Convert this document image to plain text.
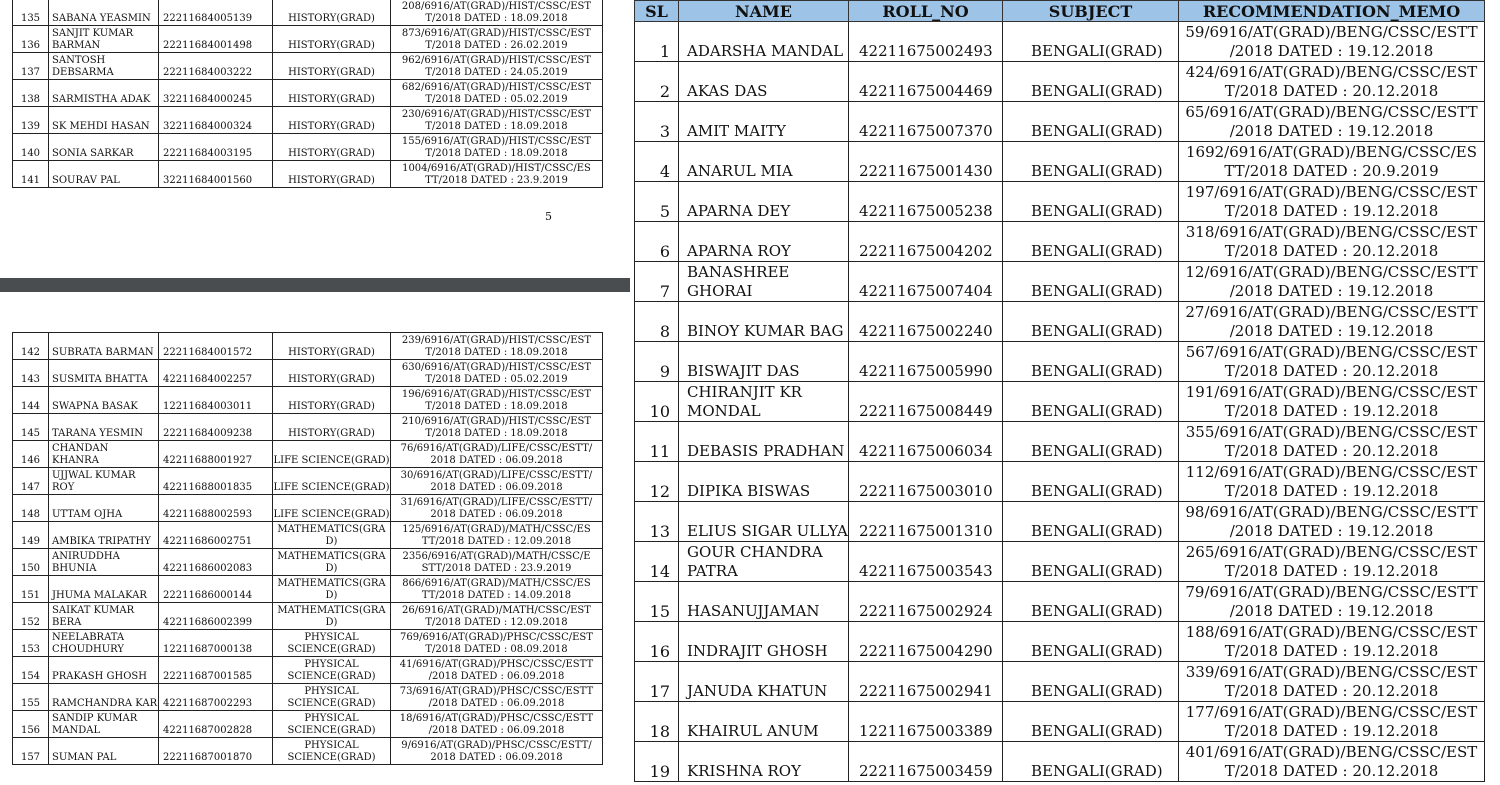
135	SABANA YEASMIN	22211684005139	HISTORY(GRAD)	208/6916/AT(GRAD)/HIST/CSSC/EST T/2018 DATED : 18.09.2018
136	SANJIT KUMAR BARMAN	22211684001498	HISTORY(GRAD)	873/6916/AT(GRAD)/HIST/CSSC/EST T/2018 DATED : 26.02.2019
137	SANTOSH DEBSARMA	22211684003222	HISTORY(GRAD)	962/6916/AT(GRAD)/HIST/CSSC/EST T/2018 DATED : 24.05.2019
138	SARMISTHA ADAK	32211684000245	HISTORY(GRAD)	682/6916/AT(GRAD)/HIST/CSSC/EST T/2018 DATED : 05.02.2019
139	SK MEHDI HASAN	32211684000324	HISTORY(GRAD)	230/6916/AT(GRAD)/HIST/CSSC/EST T/2018 DATED : 18.09.2018
140	SONIA SARKAR	22211684003195	HISTORY(GRAD)	155/6916/AT(GRAD)/HIST/CSSC/EST T/2018 DATED : 18.09.2018
141	SOURAV PAL	32211684001560	HISTORY(GRAD)	1004/6916/AT(GRAD)/HIST/CSSC/ES TT/2018 DATED : 23.9.2019
5
142	SUBRATA BARMAN	22211684001572	HISTORY(GRAD)	239/6916/AT(GRAD)/HIST/CSSC/EST T/2018 DATED : 18.09.2018
143	SUSMITA BHATTA	42211684002257	HISTORY(GRAD)	630/6916/AT(GRAD)/HIST/CSSC/EST T/2018 DATED : 05.02.2019
144	SWAPNA BASAK	12211684003011	HISTORY(GRAD)	196/6916/AT(GRAD)/HIST/CSSC/EST T/2018 DATED : 18.09.2018
145	TARANA YESMIN	22211684009238	HISTORY(GRAD)	210/6916/AT(GRAD)/HIST/CSSC/EST T/2018 DATED : 18.09.2018
146	CHANDAN KHANRA	42211688001927	LIFE SCIENCE(GRAD)	76/6916/AT(GRAD)/LIFE/CSSC/ESTT/ 2018 DATED : 06.09.2018
147	UJJWAL KUMAR ROY	42211688001835	LIFE SCIENCE(GRAD)	30/6916/AT(GRAD)/LIFE/CSSC/ESTT/ 2018 DATED : 06.09.2018
148	UTTAM OJHA	42211688002593	LIFE SCIENCE(GRAD)	31/6916/AT(GRAD)/LIFE/CSSC/ESTT/ 2018 DATED : 06.09.2018
149	AMBIKA TRIPATHY	42211686002751	MATHEMATICS(GRA D)	125/6916/AT(GRAD)/MATH/CSSC/ES TT/2018 DATED : 12.09.2018
150	ANIRUDDHA BHUNIA	42211686002083	MATHEMATICS(GRA D)	2356/6916/AT(GRAD)/MATH/CSSC/E STT/2018 DATED : 23.9.2019
151	JHUMA MALAKAR	22211686000144	MATHEMATICS(GRA D)	866/6916/AT(GRAD)/MATH/CSSC/ES TT/2018 DATED : 14.09.2018
152	SAIKAT KUMAR BERA	42211686002399	MATHEMATICS(GRA D)	26/6916/AT(GRAD)/MATH/CSSC/EST T/2018 DATED : 12.09.2018
153	NEELABRATA CHOUDHURY	12211687000138	PHYSICAL SCIENCE(GRAD)	769/6916/AT(GRAD)/PHSC/CSSC/EST T/2018 DATED : 08.09.2018
154	PRAKASH GHOSH	22211687001585	PHYSICAL SCIENCE(GRAD)	41/6916/AT(GRAD)/PHSC/CSSC/ESTT /2018 DATED : 06.09.2018
155	RAMCHANDRA KAR	42211687002293	PHYSICAL SCIENCE(GRAD)	73/6916/AT(GRAD)/PHSC/CSSC/ESTT /2018 DATED : 06.09.2018
156	SANDIP KUMAR MANDAL	42211687002828	PHYSICAL SCIENCE(GRAD)	18/6916/AT(GRAD)/PHSC/CSSC/ESTT /2018 DATED : 06.09.2018
157	SUMAN PAL	22211687001870	PHYSICAL SCIENCE(GRAD)	9/6916/AT(GRAD)/PHSC/CSSC/ESTT/ 2018 DATED : 06.09.2018
SL	NAME	ROLL_NO	SUBJECT	RECOMMENDATION_MEMO
1	ADARSHA MANDAL	42211675002493	BENGALI(GRAD)	59/6916/AT(GRAD)/BENG/CSSC/ESTT /2018 DATED : 19.12.2018
2	AKAS DAS	42211675004469	BENGALI(GRAD)	424/6916/AT(GRAD)/BENG/CSSC/EST T/2018 DATED : 20.12.2018
3	AMIT MAITY	42211675007370	BENGALI(GRAD)	65/6916/AT(GRAD)/BENG/CSSC/ESTT /2018 DATED : 19.12.2018
4	ANARUL MIA	22211675001430	BENGALI(GRAD)	1692/6916/AT(GRAD)/BENG/CSSC/ES TT/2018 DATED : 20.9.2019
5	APARNA DEY	42211675005238	BENGALI(GRAD)	197/6916/AT(GRAD)/BENG/CSSC/EST T/2018 DATED : 19.12.2018
6	APARNA ROY	22211675004202	BENGALI(GRAD)	318/6916/AT(GRAD)/BENG/CSSC/EST T/2018 DATED : 20.12.2018
7	BANASHREE GHORAI	42211675007404	BENGALI(GRAD)	12/6916/AT(GRAD)/BENG/CSSC/ESTT /2018 DATED : 19.12.2018
8	BINOY KUMAR BAG	42211675002240	BENGALI(GRAD)	27/6916/AT(GRAD)/BENG/CSSC/ESTT /2018 DATED : 19.12.2018
9	BISWAJIT DAS	42211675005990	BENGALI(GRAD)	567/6916/AT(GRAD)/BENG/CSSC/EST T/2018 DATED : 20.12.2018
10	CHIRANJIT KR MONDAL	22211675008449	BENGALI(GRAD)	191/6916/AT(GRAD)/BENG/CSSC/EST T/2018 DATED : 19.12.2018
11	DEBASIS PRADHAN	42211675006034	BENGALI(GRAD)	355/6916/AT(GRAD)/BENG/CSSC/EST T/2018 DATED : 20.12.2018
12	DIPIKA BISWAS	22211675003010	BENGALI(GRAD)	112/6916/AT(GRAD)/BENG/CSSC/EST T/2018 DATED : 19.12.2018
13	ELIUS SIGAR ULLYA	22211675001310	BENGALI(GRAD)	98/6916/AT(GRAD)/BENG/CSSC/ESTT /2018 DATED : 19.12.2018
14	GOUR CHANDRA PATRA	42211675003543	BENGALI(GRAD)	265/6916/AT(GRAD)/BENG/CSSC/EST T/2018 DATED : 19.12.2018
15	HASANUJJAMAN	22211675002924	BENGALI(GRAD)	79/6916/AT(GRAD)/BENG/CSSC/ESTT /2018 DATED : 19.12.2018
16	INDRAJIT GHOSH	22211675004290	BENGALI(GRAD)	188/6916/AT(GRAD)/BENG/CSSC/EST T/2018 DATED : 19.12.2018
17	JANUDA KHATUN	22211675002941	BENGALI(GRAD)	339/6916/AT(GRAD)/BENG/CSSC/EST T/2018 DATED : 20.12.2018
18	KHAIRUL ANUM	12211675003389	BENGALI(GRAD)	177/6916/AT(GRAD)/BENG/CSSC/EST T/2018 DATED : 19.12.2018
19	KRISHNA ROY	22211675003459	BENGALI(GRAD)	401/6916/AT(GRAD)/BENG/CSSC/EST T/2018 DATED : 20.12.2018
